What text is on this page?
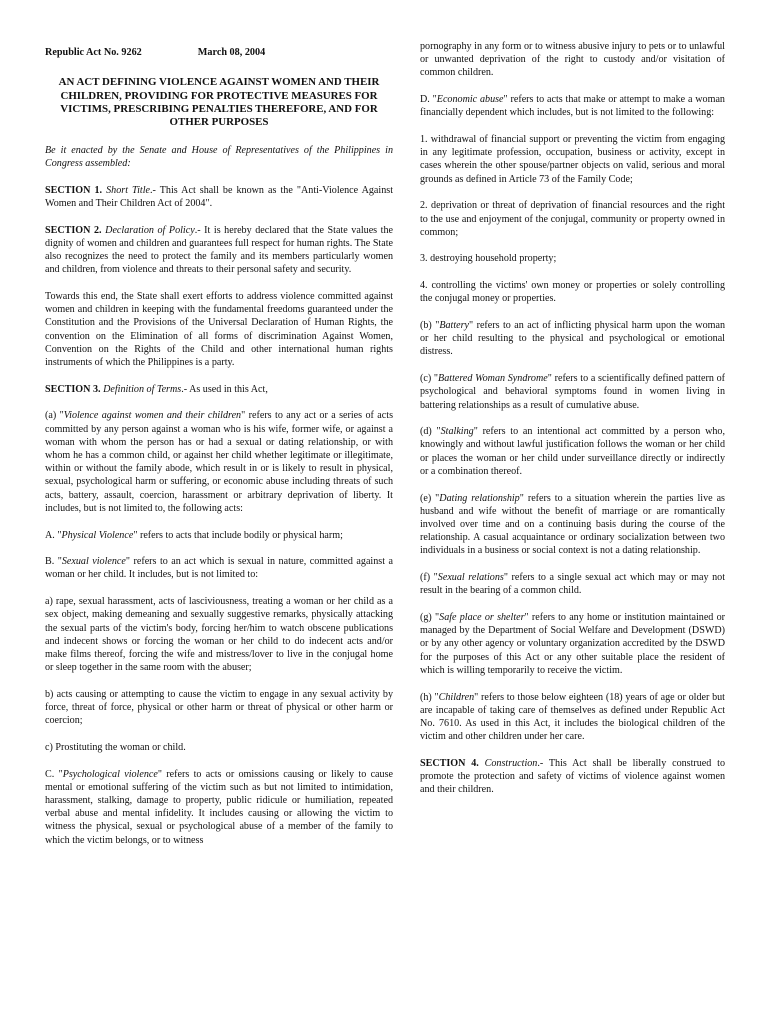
Republic Act No. 9262	March 08, 2004
AN ACT DEFINING VIOLENCE AGAINST WOMEN AND THEIR CHILDREN, PROVIDING FOR PROTECTIVE MEASURES FOR VICTIMS, PRESCRIBING PENALTIES THEREFORE, AND FOR OTHER PURPOSES

Be it enacted by the Senate and House of Representatives of the Philippines in Congress assembled:

SECTION 1. Short Title.- This Act shall be known as the "Anti-Violence Against Women and Their Children Act of 2004".

SECTION 2. Declaration of Policy.- It is hereby declared that the State values the dignity of women and children and guarantees full respect for human rights. The State also recognizes the need to protect the family and its members particularly women and children, from violence and threats to their personal safety and security.

Towards this end, the State shall exert efforts to address violence committed against women and children in keeping with the fundamental freedoms guaranteed under the Constitution and the Provisions of the Universal Declaration of Human Rights, the convention on the Elimination of all forms of discrimination Against Women, Convention on the Rights of the Child and other international human rights instruments of which the Philippines is a party.

SECTION 3. Definition of Terms.- As used in this Act,

(a) "Violence against women and their children" refers to any act or a series of acts committed by any person against a woman who is his wife, former wife, or against a woman with whom the person has or had a sexual or dating relationship, or with whom he has a common child, or against her child whether legitimate or illegitimate, within or without the family abode, which result in or is likely to result in physical, sexual, psychological harm or suffering, or economic abuse including threats of such acts, battery, assault, coercion, harassment or arbitrary deprivation of liberty. It includes, but is not limited to, the following acts:

A. "Physical Violence" refers to acts that include bodily or physical harm;

B. "Sexual violence" refers to an act which is sexual in nature, committed against a woman or her child. It includes, but is not limited to:

a) rape, sexual harassment, acts of lasciviousness, treating a woman or her child as a sex object, making demeaning and sexually suggestive remarks, physically attacking the sexual parts of the victim's body, forcing her/him to watch obscene publications and indecent shows or forcing the woman or her child to do indecent acts and/or make films thereof, forcing the wife and mistress/lover to live in the conjugal home or sleep together in the same room with the abuser;

b) acts causing or attempting to cause the victim to engage in any sexual activity by force, threat of force, physical or other harm or threat of physical or other harm or coercion;

c) Prostituting the woman or child.

C. "Psychological violence" refers to acts or omissions causing or likely to cause mental or emotional suffering of the victim such as but not limited to intimidation, harassment, stalking, damage to property, public ridicule or humiliation, repeated verbal abuse and mental infidelity. It includes causing or allowing the victim to witness the physical, sexual or psychological abuse of a member of the family to which the victim belongs, or to witness

pornography in any form or to witness abusive injury to pets or to unlawful or unwanted deprivation of the right to custody and/or visitation of common children.

D. "Economic abuse" refers to acts that make or attempt to make a woman financially dependent which includes, but is not limited to the following:

1. withdrawal of financial support or preventing the victim from engaging in any legitimate profession, occupation, business or activity, except in cases wherein the other spouse/partner objects on valid, serious and moral grounds as defined in Article 73 of the Family Code;

2. deprivation or threat of deprivation of financial resources and the right to the use and enjoyment of the conjugal, community or property owned in common;

3. destroying household property;

4. controlling the victims' own money or properties or solely controlling the conjugal money or properties.

(b) "Battery" refers to an act of inflicting physical harm upon the woman or her child resulting to the physical and psychological or emotional distress.

(c) "Battered Woman Syndrome" refers to a scientifically defined pattern of psychological and behavioral symptoms found in women living in battering relationships as a result of cumulative abuse.

(d) "Stalking" refers to an intentional act committed by a person who, knowingly and without lawful justification follows the woman or her child or places the woman or her child under surveillance directly or indirectly or a combination thereof.

(e) "Dating relationship" refers to a situation wherein the parties live as husband and wife without the benefit of marriage or are romantically involved over time and on a continuing basis during the course of the relationship. A casual acquaintance or ordinary socialization between two individuals in a business or social context is not a dating relationship.

(f) "Sexual relations" refers to a single sexual act which may or may not result in the bearing of a common child.

(g) "Safe place or shelter" refers to any home or institution maintained or managed by the Department of Social Welfare and Development (DSWD) or by any other agency or voluntary organization accredited by the DSWD for the purposes of this Act or any other suitable place the resident of which is willing temporarily to receive the victim.

(h) "Children" refers to those below eighteen (18) years of age or older but are incapable of taking care of themselves as defined under Republic Act No. 7610. As used in this Act, it includes the biological children of the victim and other children under her care.

SECTION 4. Construction.- This Act shall be liberally construed to promote the protection and safety of victims of violence against women and their children.
